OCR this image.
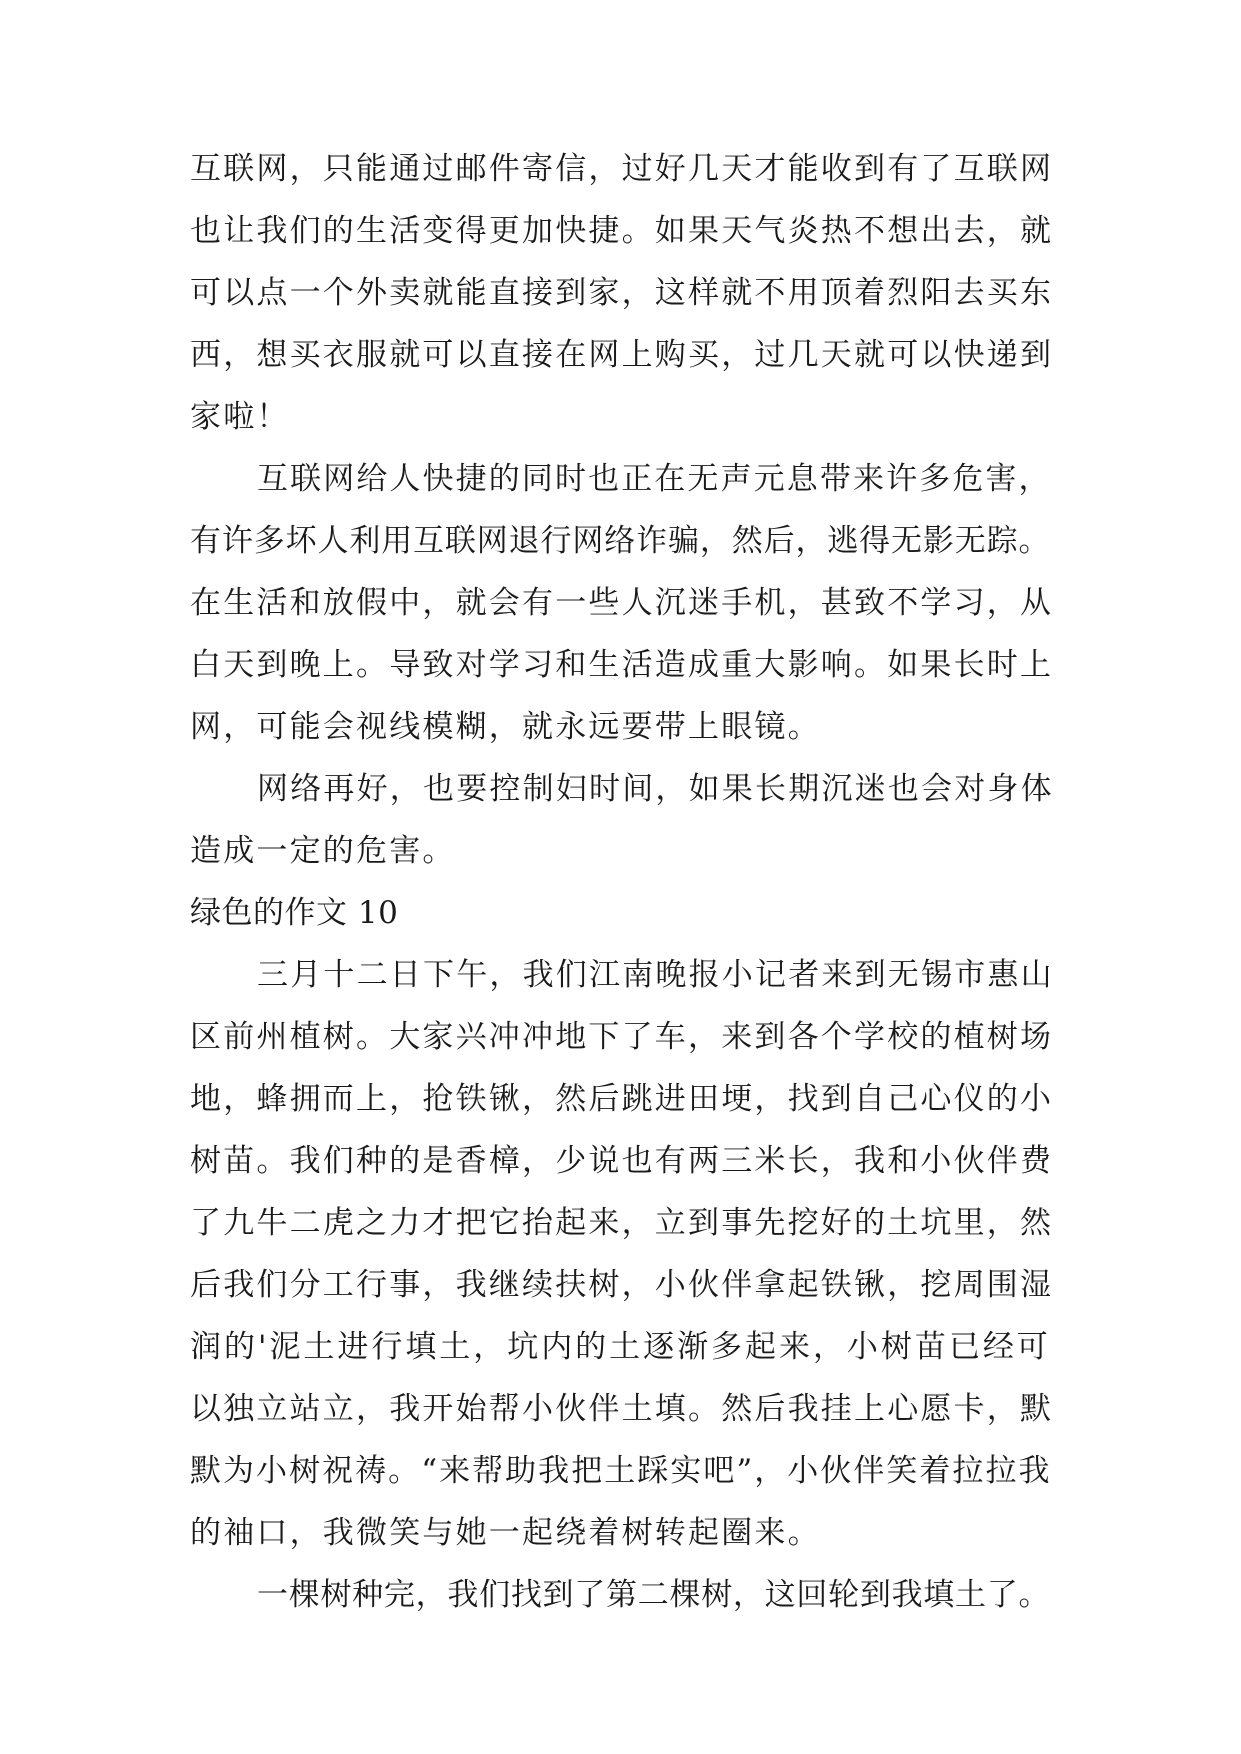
互联网，只能通过邮件寄信，过好几天才能收到有了互联网
也让我们的生活变得更加快捷。如果天气炎热不想出去，就
可以点一个外卖就能直接到家，这样就不用顶着烈阳去买东
西，想买衣服就可以直接在网上购买，过几天就可以快递到
家啦！
互联网给人快捷的同时也正在无声元息带来许多危害，
有许多坏人利用互联网退行网络诈骗，然后，逃得无影无踪。
在生活和放假中，就会有一些人沉迷手机，甚致不学习，从
白天到晚上。导致对学习和生活造成重大影响。如果长时上
网，可能会视线模糊，就永远要带上眼镜。
网络再好，也要控制妇时间，如果长期沉迷也会对身体
造成一定的危害。
绿色的作文 10
三月十二日下午，我们江南晚报小记者来到无锡市惠山
区前州植树。大家兴冲冲地下了车，来到各个学校的植树场
地，蜂拥而上，抢铁锹，然后跳进田埂，找到自己心仪的小
树苗。我们种的是香樟，少说也有两三米长，我和小伙伴费
了九牛二虎之力才把它抬起来，立到事先挖好的土坑里，然
后我们分工行事，我继续扶树，小伙伴拿起铁锹，挖周围湿
润的'泥土进行填土，坑内的土逐渐多起来，小树苗已经可
以独立站立，我开始帮小伙伴土填。然后我挂上心愿卡，默
默为小树祝祷。“来帮助我把土踩实吧”，小伙伴笑着拉拉我
的袖口，我微笑与她一起绕着树转起圈来。
一棵树种完，我们找到了第二棵树，这回轮到我填土了。
